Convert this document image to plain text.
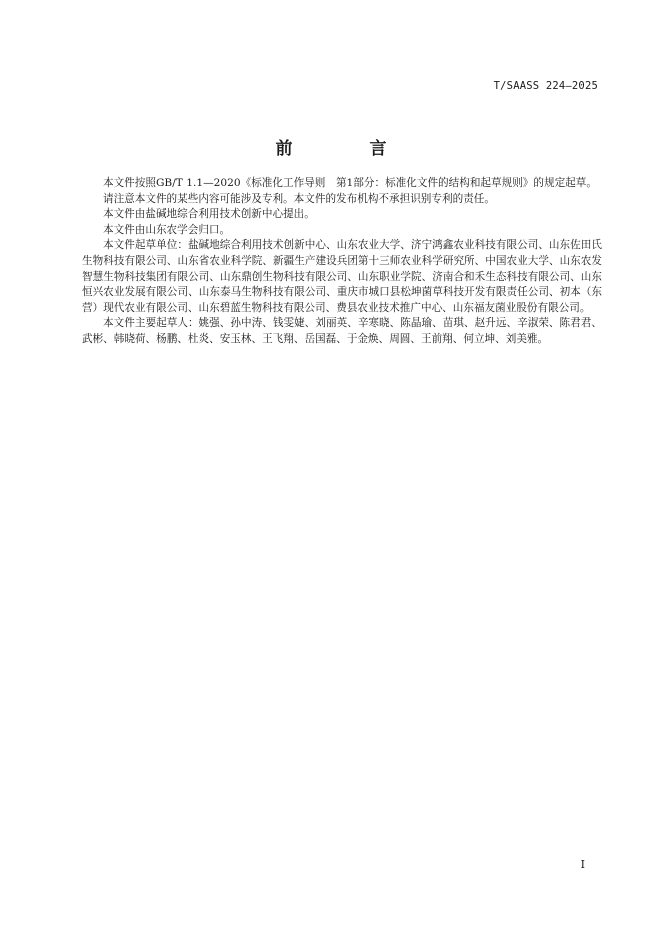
T/SAASS 224—2025
前　言

本文件按照GB/T 1.1—2020《标准化工作导则　第1部分：标准化文件的结构和起草规则》的规定起草。

请注意本文件的某些内容可能涉及专利。本文件的发布机构不承担识别专利的责任。

本文件由盐碱地综合利用技术创新中心提出。

本文件由山东农学会归口。

本文件起草单位：盐碱地综合利用技术创新中心、山东农业大学、济宁鸿鑫农业科技有限公司、山东佐田氏生物科技有限公司、山东省农业科学院、新疆生产建设兵团第十三师农业科学研究所、中国农业大学、山东农发智慧生物科技集团有限公司、山东鼎创生物科技有限公司、山东职业学院、济南合和禾生态科技有限公司、山东恒兴农业发展有限公司、山东泰马生物科技有限公司、重庆市城口县松坤菌草科技开发有限责任公司、初本（东营）现代农业有限公司、山东碧蓝生物科技有限公司、费县农业技术推广中心、山东福友菌业股份有限公司。

本文件主要起草人：姚强、孙中涛、钱雯婕、刘丽英、辛寒晓、陈晶瑜、苗琪、赵升远、辛淑荣、陈君君、武彬、韩晓荷、杨鹏、杜炎、安玉林、王飞翔、岳国磊、于金焕、周圆、王前翔、何立坤、刘美雅。

I
